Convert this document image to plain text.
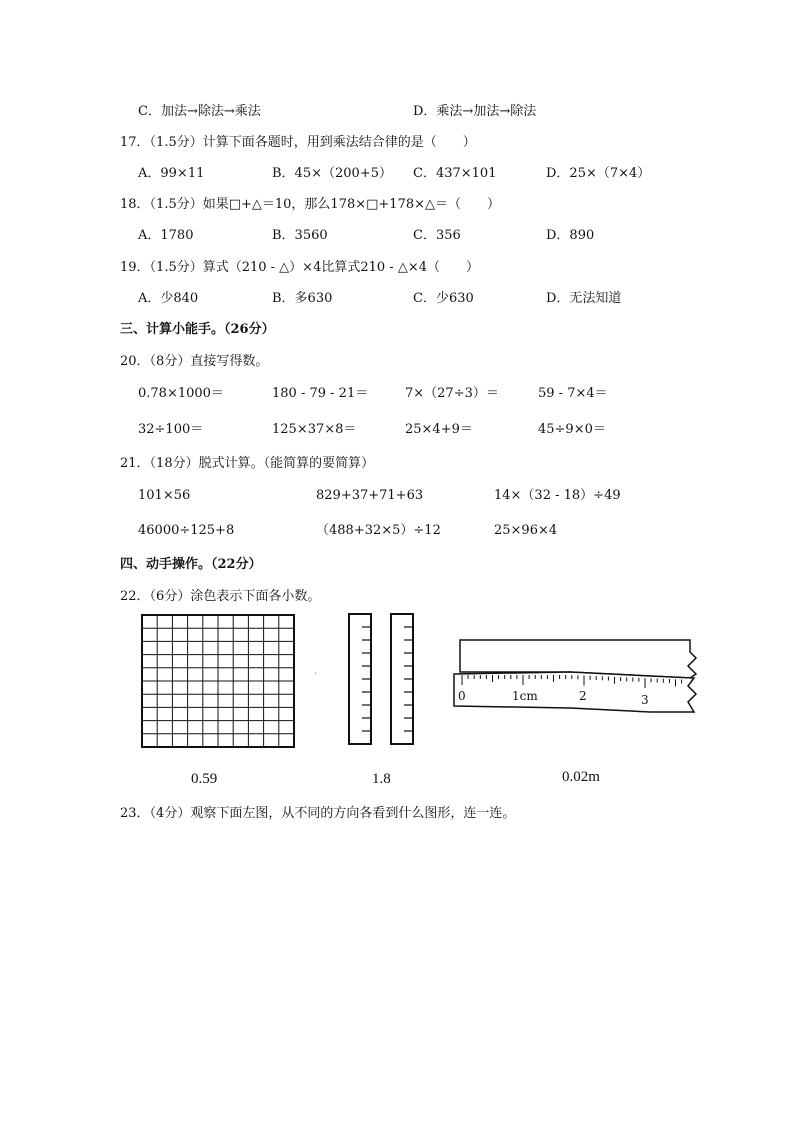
C．加法→除法→乘法	D．乘法→加法→除法
17．（1.5分）计算下面各题时，用到乘法结合律的是（　　）
A．99×11	B．45×（200+5） C．437×101	D．25×（7×4）
18．（1.5分）如果□+△＝10，那么178×□+178×△＝（　　）
A．1780	B．3560	C．356	D．890
19．（1.5分）算式（210 - △）×4比算式210 - △×4（　　）
A．少840	B．多630	C．少630	D．无法知道
三、计算小能手。（26分）
20．（8分）直接写得数。
0.78×1000＝	180 - 79 - 21＝	7×（27÷3）＝	59 - 7×4＝
32÷100＝	125×37×8＝	25×4+9＝	45÷9×0＝
21．（18分）脱式计算。（能简算的要简算）
101×56	829+37+71+63	14×（32 - 18）÷49
46000÷125+8	（488+32×5）÷12	25×96×4
四、动手操作。（22分）
22．（6分）涂色表示下面各小数。
0.59
·
1.8
0	1cm	2	3
0.02m
23．（4分）观察下面左图，从不同的方向各看到什么图形，连一连。
